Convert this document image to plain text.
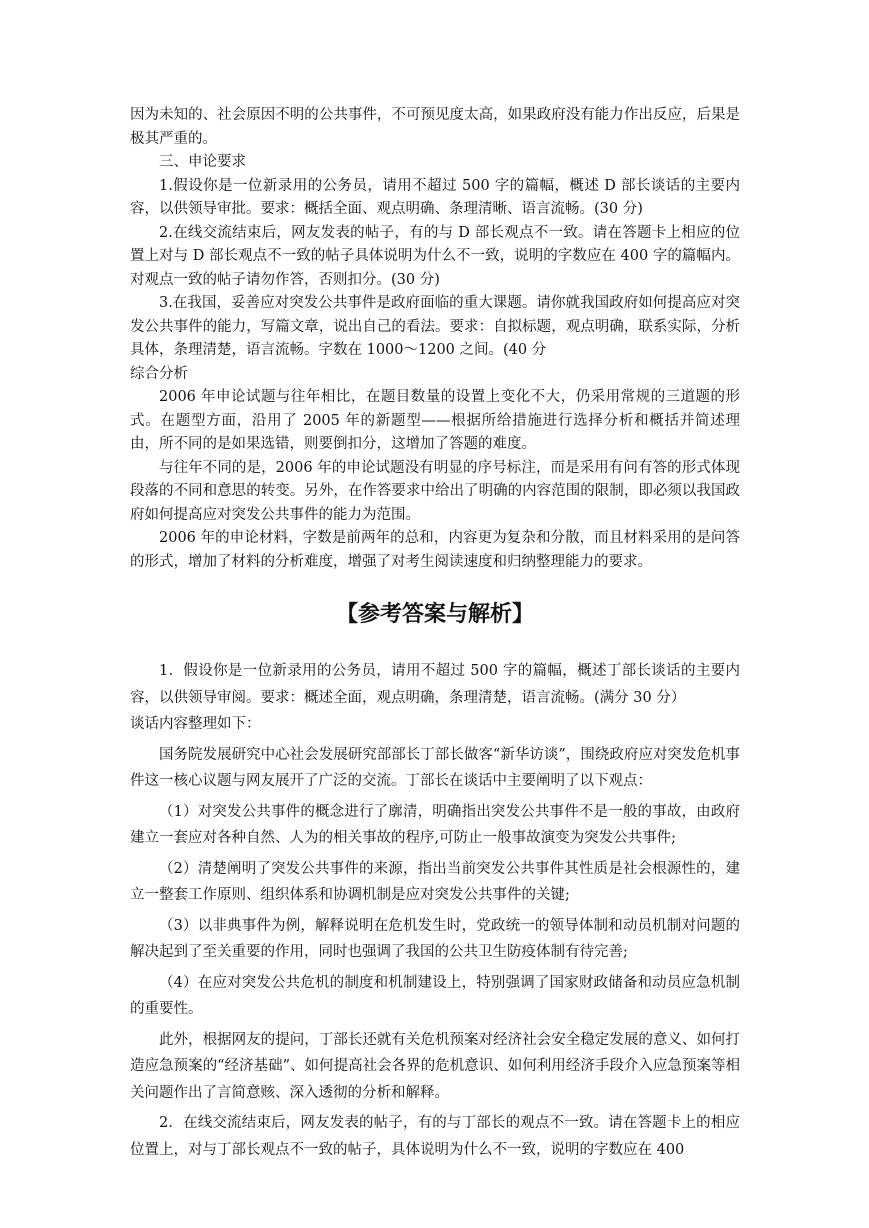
因为未知的、社会原因不明的公共事件，不可预见度太高，如果政府没有能力作出反应，后果是极其严重的。

三、申论要求

1.假设你是一位新录用的公务员，请用不超过 500 字的篇幅，概述 D 部长谈话的主要内容，以供领导审批。要求：概括全面、观点明确、条理清晰、语言流畅。(30 分)

2.在线交流结束后，网友发表的帖子，有的与 D 部长观点不一致。请在答题卡上相应的位置上对与 D 部长观点不一致的帖子具体说明为什么不一致，说明的字数应在 400 字的篇幅内。对观点一致的帖子请勿作答，否则扣分。(30 分)

3.在我国，妥善应对突发公共事件是政府面临的重大课题。请你就我国政府如何提高应对突发公共事件的能力，写篇文章，说出自己的看法。要求：自拟标题，观点明确，联系实际，分析具体，条理清楚，语言流畅。字数在 1000～1200 之间。(40 分

综合分析

2006 年申论试题与往年相比，在题目数量的设置上变化不大，仍采用常规的三道题的形式。在题型方面，沿用了 2005 年的新题型——根据所给措施进行选择分析和概括并简述理 由，所不同的是如果选错，则要倒扣分，这增加了答题的难度。

与往年不同的是，2006 年的申论试题没有明显的序号标注，而是采用有问有答的形式体现段落的不同和意思的转变。另外，在作答要求中给出了明确的内容范围的限制，即必须以我国政府如何提高应对突发公共事件的能力为范围。

2006 年的申论材料，字数是前两年的总和，内容更为复杂和分散，而且材料采用的是问答的形式，增加了材料的分析难度，增强了对考生阅读速度和归纳整理能力的要求。

【参考答案与解析】

1．假设你是一位新录用的公务员，请用不超过 500 字的篇幅，概述丁部长谈话的主要内容，以供领导审阅。要求：概述全面，观点明确，条理清楚，语言流畅。(满分 30 分）

谈话内容整理如下：

国务院发展研究中心社会发展研究部部长丁部长做客“新华访谈”，围绕政府应对突发危机事件这一核心议题与网友展开了广泛的交流。丁部长在谈话中主要阐明了以下观点：

（1）对突发公共事件的概念进行了廓清，明确指出突发公共事件不是一般的事故，由政府建立一套应对各种自然、人为的相关事故的程序,可防止一般事故演变为突发公共事件;

（2）清楚阐明了突发公共事件的来源，指出当前突发公共事件其性质是社会根源性的，建立一整套工作原则、组织体系和协调机制是应对突发公共事件的关键;

（3）以非典事件为例，解释说明在危机发生时，党政统一的领导体制和动员机制对问题的解决起到了至关重要的作用，同时也强调了我国的公共卫生防疫体制有待完善;

（4）在应对突发公共危机的制度和机制建设上，特别强调了国家财政储备和动员应急机制的重要性。

此外，根据网友的提问，丁部长还就有关危机预案对经济社会安全稳定发展的意义、如何打造应急预案的“经济基础”、如何提高社会各界的危机意识、如何利用经济手段介入应急预案等相关问题作出了言简意赅、深入透彻的分析和解释。

2．在线交流结束后，网友发表的帖子，有的与丁部长的观点不一致。请在答题卡上的相应位置上，对与丁部长观点不一致的帖子，具体说明为什么不一致，说明的字数应在 400
